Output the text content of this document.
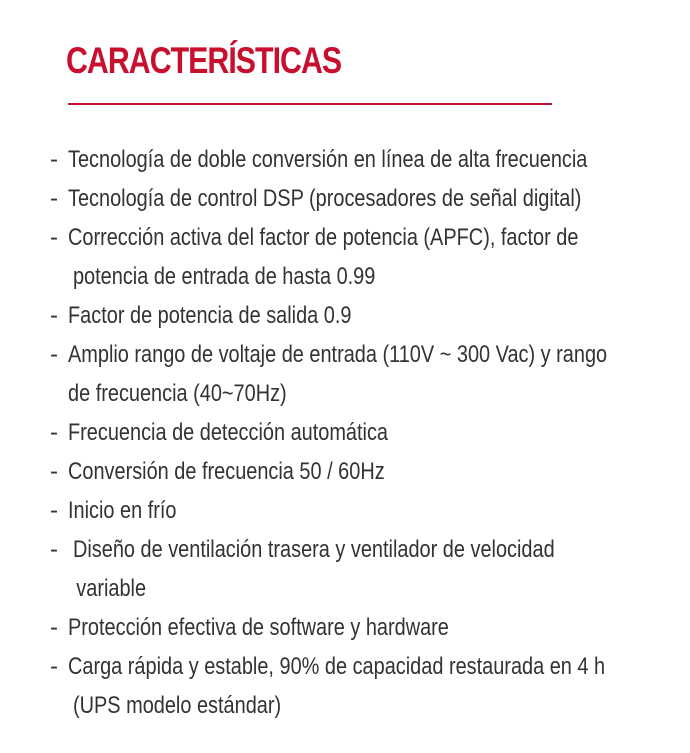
CARACTERÍSTICAS
- Tecnología de doble conversión en línea de alta frecuencia
- Tecnología de control DSP (procesadores de señal digital)
- Corrección activa del factor de potencia (APFC), factor de
potencia de entrada de hasta 0.99
- Factor de potencia de salida 0.9
- Amplio rango de voltaje de entrada (110V ~ 300 Vac) y rango
de frecuencia (40~70Hz)
- Frecuencia de detección automática
- Conversión de frecuencia 50 / 60Hz
- Inicio en frío
- Diseño de ventilación trasera y ventilador de velocidad
variable
- Protección efectiva de software y hardware
- Carga rápida y estable, 90% de capacidad restaurada en 4 h
(UPS modelo estándar)
